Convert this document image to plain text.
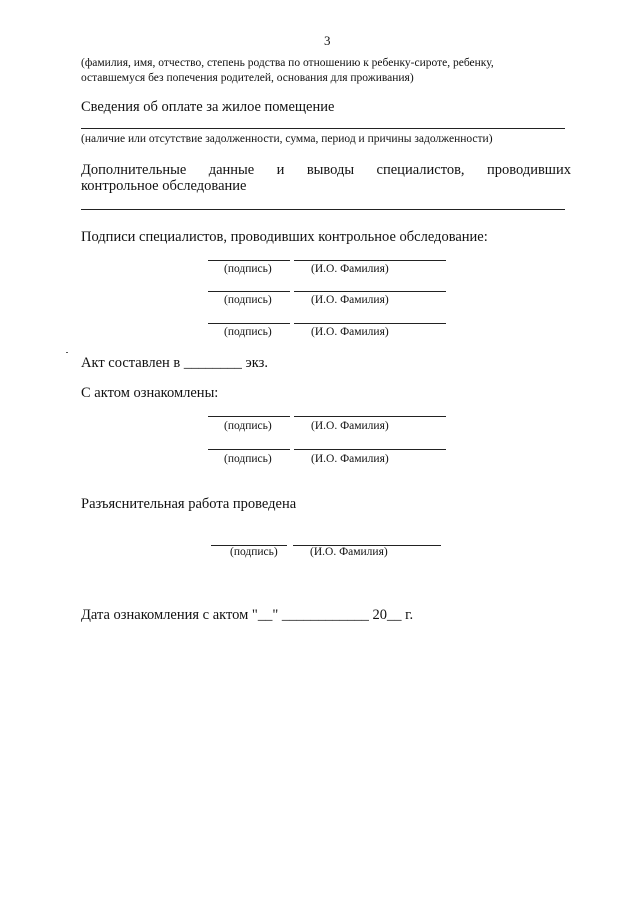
3
(фамилия, имя, отчество, степень родства по отношению к ребенку-сироте, ребенку,
оставшемуся без попечения родителей, основания для проживания)
Сведения об оплате за жилое помещение
(наличие или отсутствие задолженности, сумма, период и причины задолженности)
Дополнительные данные и выводы специалистов, проводивших
контрольное обследование
Подписи специалистов, проводивших контрольное обследование:
(подпись)	(И.О. Фамилия)
(подпись)	(И.О. Фамилия)
(подпись)	(И.О. Фамилия)
Акт составлен в ________ экз.
С актом ознакомлены:
(подпись)	(И.О. Фамилия)
(подпись)	(И.О. Фамилия)
Разъяснительная работа проведена
(подпись)	(И.О. Фамилия)
Дата ознакомления с актом "__" ____________ 20__ г.
